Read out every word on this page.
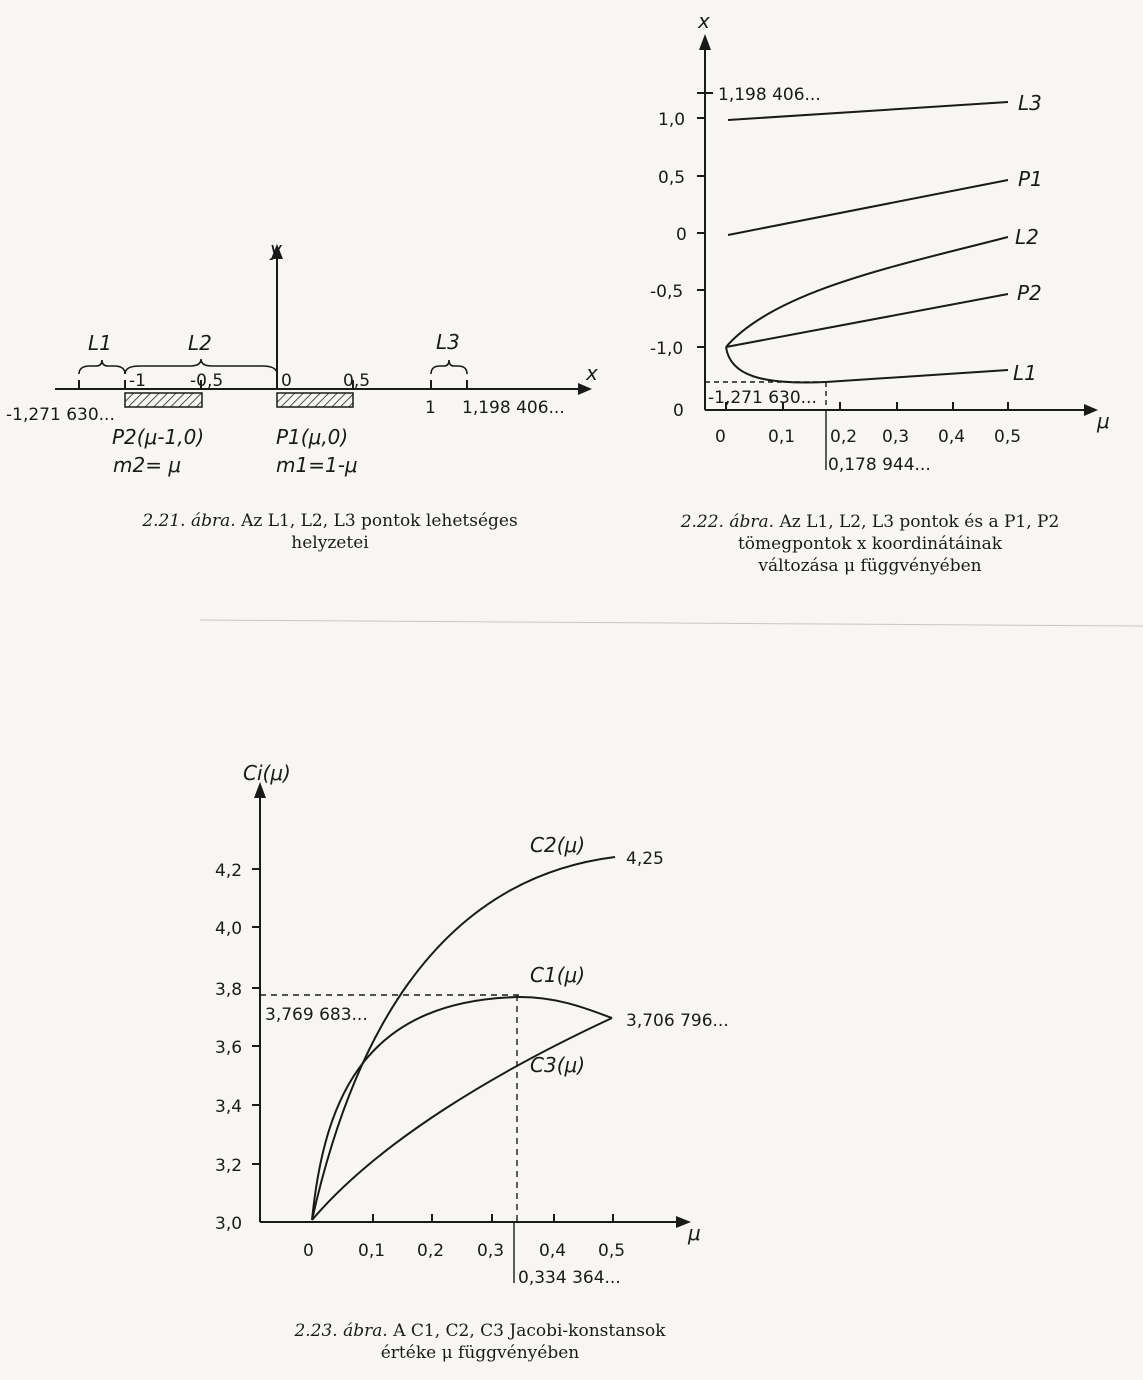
x
y
-1	-0,5	0	0,5
1
-1,271 630...	1,198 406...
L1	L2	L3
P2(μ-1,0)
m2= μ
P1(μ,0)
m1=1-μ
x
μ
1,198 406...
1,0
0,5
0
-0,5
-1,0
0
-1,271 630...
0 0,1 0,2 0,3 0,4 0,5
0,178 944...
L3
P1
L2
P2
L1
Ci(μ)
μ
4,2
4,0
3,8
3,6
3,4
3,2
3,0
0	0,1 0,2 0,3 0,4 0,5
C2(μ)
C1(μ)
C3(μ)
4,25
3,769 683...	3,706 796...
0,334 364...
2.21. ábra. Az L1, L2, L3 pontok lehetséges
helyzetei
2.22. ábra. Az L1, L2, L3 pontok és a P1, P2
tömegpontok x koordinátáinak
változása μ függvényében
2.23. ábra. A C1, C2, C3 Jacobi-konstansok
értéke μ függvényében
